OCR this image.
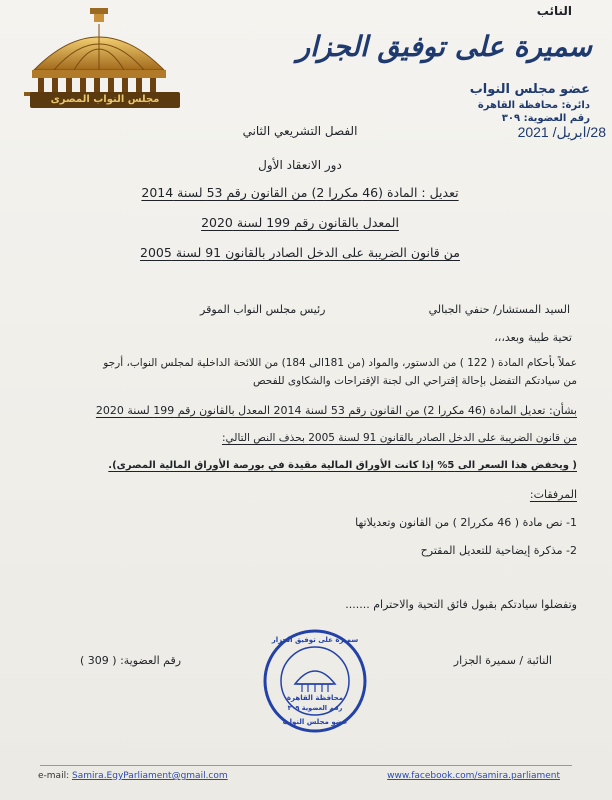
مجلس النواب المصرى
النائب
سميرة على توفيق الجزار
عضو مجلس النواب
دائرة: محافظة القاهرة
رقم العضوية: ٣٠٩
28/ابريل/ 2021
الفصل التشريعي الثاني
دور الانعقاد الأول
تعديل : المادة (46 مكررا 2) من القانون رقم 53 لسنة 2014
المعدل بالقانون رقم 199 لسنة 2020
من قانون الضريبة على الدخل الصادر بالقانون 91 لسنة 2005
السيد المستشار/ حنفي الجبالي
رئيس مجلس النواب الموقر
تحية طيبة وبعد،،،
عملاً بأحكام المادة ( 122 ) من الدستور، والمواد (من 181الى 184) من اللائحة الداخلية لمجلس النواب، أرجو
من سيادتكم التفضل بإحالة إقتراحي الى لجنة الإقتراحات والشكاوى للفحص
بشأن: تعديل المادة (46 مكررا 2) من القانون رقم 53 لسنة 2014 المعدل بالقانون رقم 199 لسنة 2020
من قانون الضريبة على الدخل الصادر بالقانون 91 لسنة 2005 بحذف النص التالي:
( ويخفض هذا السعر الى 5% إذا كانت الأوراق المالية مقيدة في بورصة الأوراق المالية المصرى).
المرفقات:
1- نص مادة ( 46 مكررا2 ) من القانون وتعديلاتها
2- مذكرة إيضاحية للتعديل المقترح
وتفضلوا سيادتكم بقبول فائق التحية والاحترام .......
النائبة / سميرة الجزار
رقم العضوية: ( 309 )
سميرة على توفيق الجزار
محافظة القاهرة
رقم العضوية ٣٠٩
عضو مجلس النواب
e-mail: Samira.EgyParliament@gmail.com	www.facebook.com/samira.parliament
